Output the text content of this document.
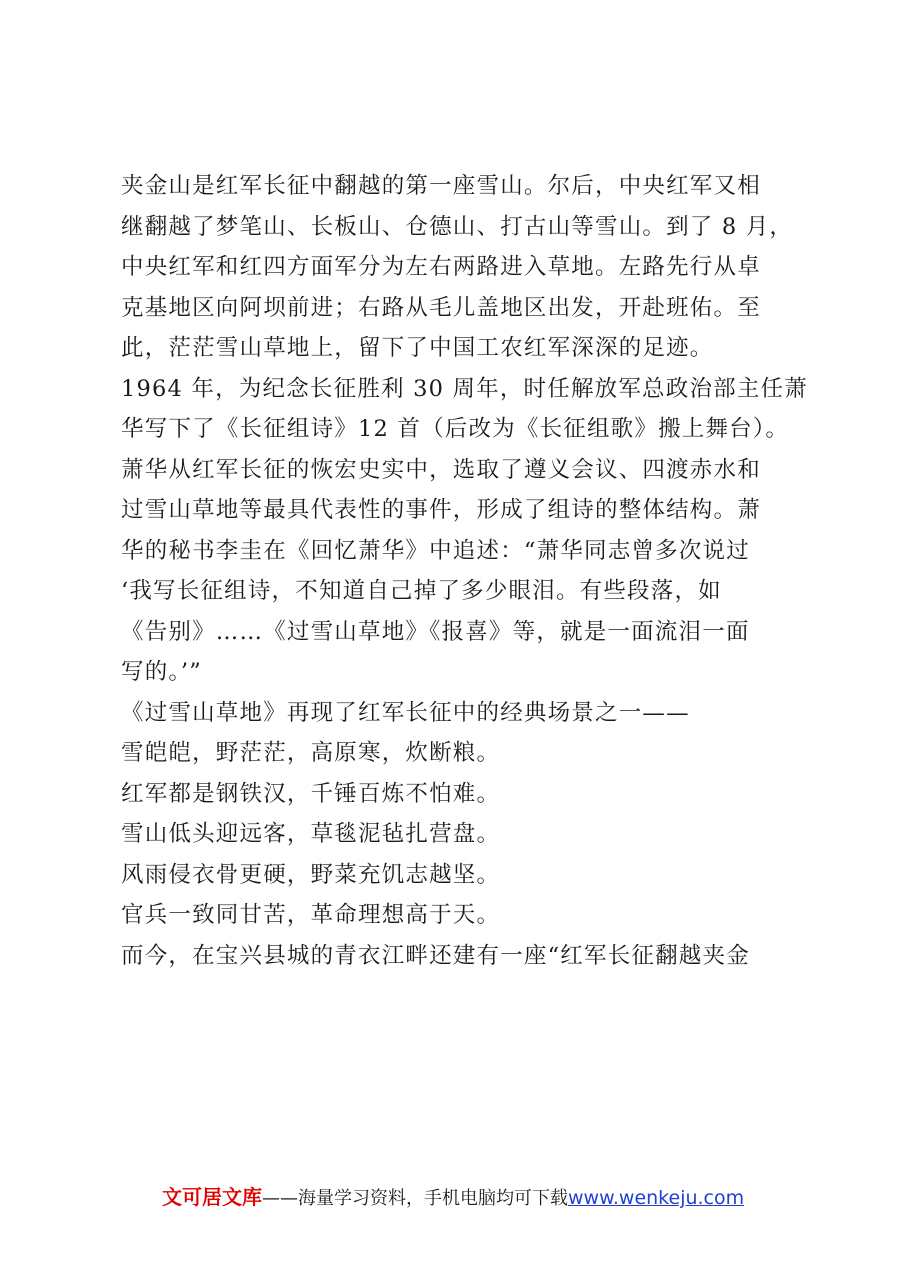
夹金山是红军长征中翻越的第一座雪山。尔后，中央红军又相
继翻越了梦笔山、长板山、仓德山、打古山等雪山。到了 8 月，
中央红军和红四方面军分为左右两路进入草地。左路先行从卓
克基地区向阿坝前进；右路从毛儿盖地区出发，开赴班佑。至
此，茫茫雪山草地上，留下了中国工农红军深深的足迹。
1964 年，为纪念长征胜利 30 周年，时任解放军总政治部主任萧
华写下了《长征组诗》12 首（后改为《长征组歌》搬上舞台）。
萧华从红军长征的恢宏史实中，选取了遵义会议、四渡赤水和
过雪山草地等最具代表性的事件，形成了组诗的整体结构。萧
华的秘书李圭在《回忆萧华》中追述：“萧华同志曾多次说过
‘我写长征组诗，不知道自己掉了多少眼泪。有些段落，如
《告别》……《过雪山草地》《报喜》等，就是一面流泪一面
写的。’”
《过雪山草地》再现了红军长征中的经典场景之一——
雪皑皑，野茫茫，高原寒，炊断粮。
红军都是钢铁汉，千锤百炼不怕难。
雪山低头迎远客，草毯泥毡扎营盘。
风雨侵衣骨更硬，野菜充饥志越坚。
官兵一致同甘苦，革命理想高于天。
而今，在宝兴县城的青衣江畔还建有一座“红军长征翻越夹金
文可居文库——海量学习资料，手机电脑均可下载www.wenkeju.com
